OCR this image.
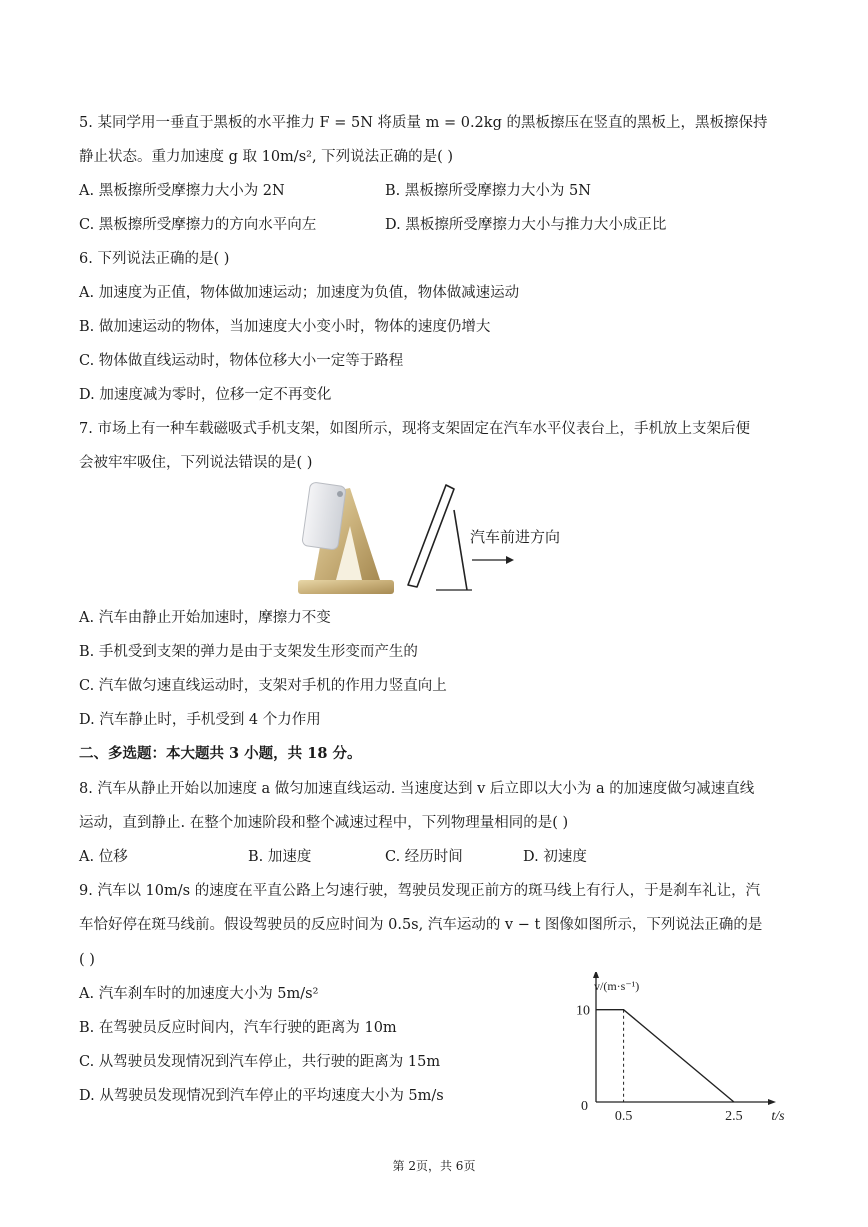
5. 某同学用一垂直于黑板的水平推力 F = 5N 将质量 m = 0.2kg 的黑板擦压在竖直的黑板上，黑板擦保持
静止状态。重力加速度 g 取 10m/s², 下列说法正确的是( )
A. 黑板擦所受摩擦力大小为 2N	B. 黑板擦所受摩擦力大小为 5N
C. 黑板擦所受摩擦力的方向水平向左	D. 黑板擦所受摩擦力大小与推力大小成正比
6. 下列说法正确的是( )
A. 加速度为正值，物体做加速运动；加速度为负值，物体做减速运动
B. 做加速运动的物体，当加速度大小变小时，物体的速度仍增大
C. 物体做直线运动时，物体位移大小一定等于路程
D. 加速度减为零时，位移一定不再变化
7. 市场上有一种车载磁吸式手机支架，如图所示，现将支架固定在汽车水平仪表台上，手机放上支架后便
会被牢牢吸住，下列说法错误的是( )
汽车前进方向
A. 汽车由静止开始加速时，摩擦力不变
B. 手机受到支架的弹力是由于支架发生形变而产生的
C. 汽车做匀速直线运动时，支架对手机的作用力竖直向上
D. 汽车静止时，手机受到 4 个力作用
二、多选题：本大题共 3 小题，共 18 分。
8. 汽车从静止开始以加速度 a 做匀加速直线运动. 当速度达到 v 后立即以大小为 a 的加速度做匀减速直线
运动，直到静止. 在整个加速阶段和整个减速过程中，下列物理量相同的是( )
A. 位移	B. 加速度	C. 经历时间	D. 初速度
9. 汽车以 10m/s 的速度在平直公路上匀速行驶，驾驶员发现正前方的斑马线上有行人，于是刹车礼让，汽
车恰好停在斑马线前。假设驾驶员的反应时间为 0.5s, 汽车运动的 v − t 图像如图所示，下列说法正确的是
( )
A. 汽车刹车时的加速度大小为 5m/s²
B. 在驾驶员反应时间内，汽车行驶的距离为 10m
C. 从驾驶员发现情况到汽车停止，共行驶的距离为 15m
D. 从驾驶员发现情况到汽车停止的平均速度大小为 5m/s
10
0
0.5	2.5 t/s
v/(m·s⁻¹)
第 2页，共 6页
